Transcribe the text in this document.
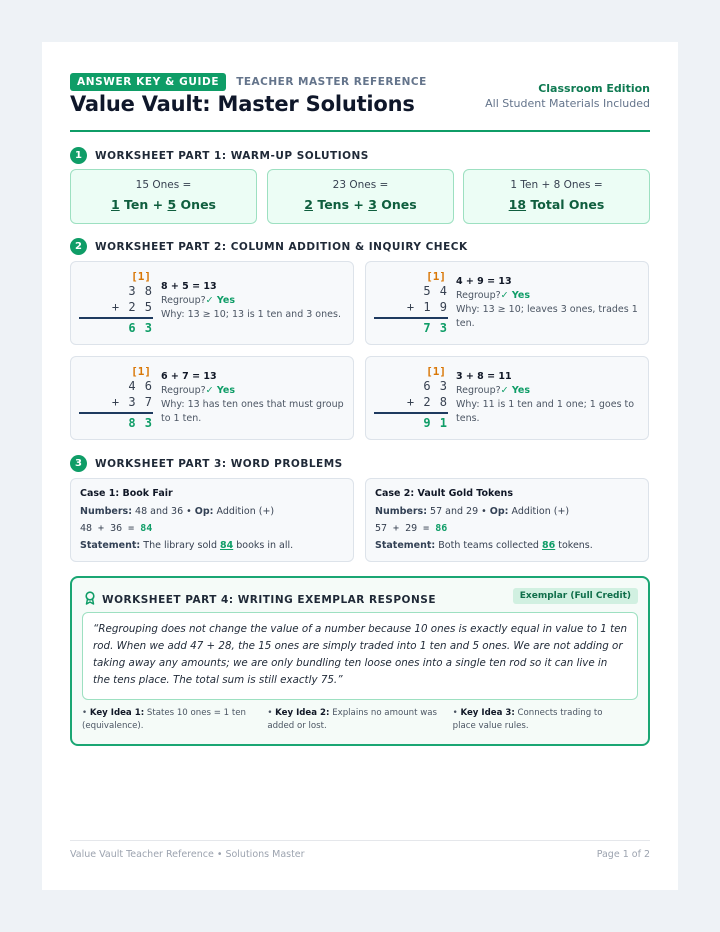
ANSWER KEY & GUIDE TEACHER MASTER REFERENCE
Value Vault: Master Solutions
Classroom Edition
All Student Materials Included
1	WORKSHEET PART 1: WARM-UP SOLUTIONS
15 Ones =
1 Ten + 5 Ones
23 Ones =
2 Tens + 3 Ones
1 Ten + 8 Ones =
18 Total Ones
2	WORKSHEET PART 2: COLUMN ADDITION & INQUIRY CHECK
[1]
3 8
+ 2 5
6 3
8 + 5 = 13
Regroup?✓ Yes
Why: 13 ≥ 10; 13 is 1 ten and 3 ones.
[1]
5 4
+ 1 9
7 3
4 + 9 = 13
Regroup?✓ Yes
Why: 13 ≥ 10; leaves 3 ones, trades 1 ten.
[1]
4 6
+ 3 7
8 3
6 + 7 = 13
Regroup?✓ Yes
Why: 13 has ten ones that must group to 1 ten.
[1]
6 3
+ 2 8
9 1
3 + 8 = 11
Regroup?✓ Yes
Why: 11 is 1 ten and 1 one; 1 goes to tens.
3	WORKSHEET PART 3: WORD PROBLEMS
Case 1: Book Fair
Numbers: 48 and 36 • Op: Addition (+)
48 + 36 = 84
Statement: The library sold 84 books in all.
Case 2: Vault Gold Tokens
Numbers: 57 and 29 • Op: Addition (+)
57 + 29 = 86
Statement: Both teams collected 86 tokens.
WORKSHEET PART 4: WRITING EXEMPLAR RESPONSE	Exemplar (Full Credit)
“Regrouping does not change the value of a number because 10 ones is exactly equal in value to 1 ten rod. When we add 47 + 28, the 15 ones are simply traded into 1 ten and 5 ones. We are not adding or taking away any amounts; we are only bundling ten loose ones into a single ten rod so it can live in the tens place. The total sum is still exactly 75.”
• Key Idea 1: States 10 ones = 1 ten (equivalence).
• Key Idea 2: Explains no amount was added or lost.
• Key Idea 3: Connects trading to place value rules.
Value Vault Teacher Reference • Solutions Master	Page 1 of 2
